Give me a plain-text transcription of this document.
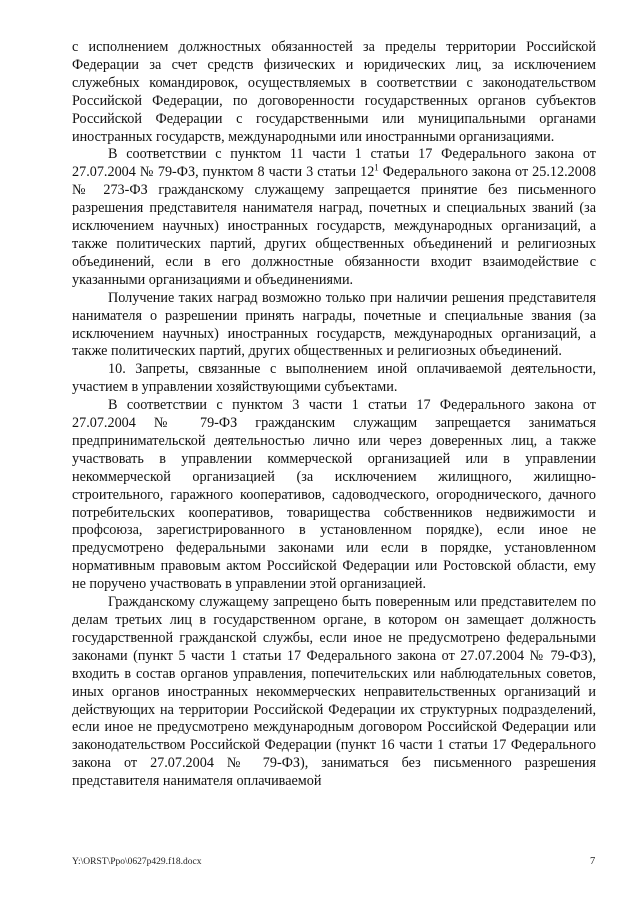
с исполнением должностных обязанностей за пределы территории Российской Федерации за счет средств физических и юридических лиц, за исключением служебных командировок, осуществляемых в соответствии с законодательством Российской Федерации, по договоренности государственных органов субъектов Российской Федерации с государственными или муниципальными органами иностранных государств, международными или иностранными организациями.

В соответствии с пунктом 11 части 1 статьи 17 Федерального закона от 27.07.2004 № 79-ФЗ, пунктом 8 части 3 статьи $12^1$ Федерального закона от 25.12.2008 № 273-ФЗ гражданскому служащему запрещается принятие без письменного разрешения представителя нанимателя наград, почетных и специальных званий (за исключением научных) иностранных государств, международных организаций, а также политических партий, других общественных объединений и религиозных объединений, если в его должностные обязанности входит взаимодействие с указанными организациями и объединениями.

Получение таких наград возможно только при наличии решения представителя нанимателя о разрешении принять награды, почетные и специальные звания (за исключением научных) иностранных государств, международных организаций, а также политических партий, других общественных и религиозных объединений.

10. Запреты, связанные с выполнением иной оплачиваемой деятельности, участием в управлении хозяйствующими субъектами.

В соответствии с пунктом 3 части 1 статьи 17 Федерального закона от 27.07.2004 № 79-ФЗ гражданским служащим запрещается заниматься предпринимательской деятельностью лично или через доверенных лиц, а также участвовать в управлении коммерческой организацией или в управлении некоммерческой организацией (за исключением жилищного, жилищно-строительного, гаражного кооперативов, садоводческого, огороднического, дачного потребительских кооперативов, товарищества собственников недвижимости и профсоюза, зарегистрированного в установленном порядке), если иное не предусмотрено федеральными законами или если в порядке, установленном нормативным правовым актом Российской Федерации или Ростовской области, ему не поручено участвовать в управлении этой организацией.

Гражданскому служащему запрещено быть поверенным или представителем по делам третьих лиц в государственном органе, в котором он замещает должность государственной гражданской службы, если иное не предусмотрено федеральными законами (пункт 5 части 1 статьи 17 Федерального закона от 27.07.2004 № 79-ФЗ), входить в состав органов управления, попечительских или наблюдательных советов, иных органов иностранных некоммерческих неправительственных организаций и действующих на территории Российской Федерации их структурных подразделений, если иное не предусмотрено международным договором Российской Федерации или законодательством Российской Федерации (пункт 16 части 1 статьи 17 Федерального закона от 27.07.2004 № 79-ФЗ), заниматься без письменного разрешения представителя нанимателя оплачиваемой

Y:\ORST\Ppo\0627p429.f18.docx	7
